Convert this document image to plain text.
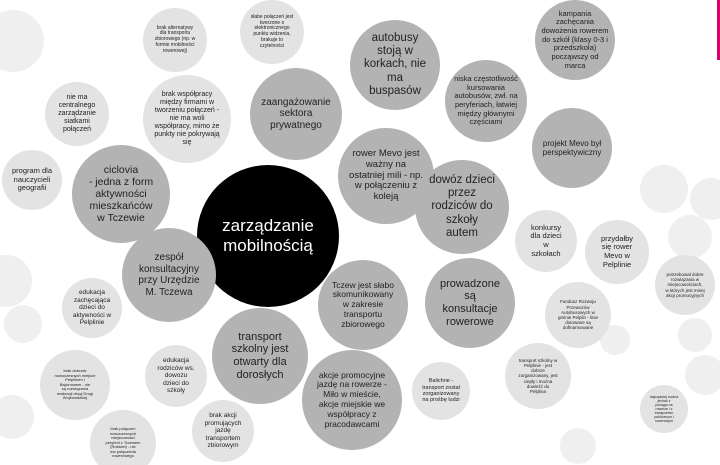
zarządzanie
mobilnością
autobusy
stoją w
korkach, nie
ma
buspasów
zaangażowanie
sektora
prywatnego
rower Mevo jest
ważny na
ostatniej mili - np.
w połączeniu z
koleją
dowóz dzieci
przez
rodziców do
szkoły
autem
ciclovia
- jedna z form
aktywności
mieszkańców
w Tczewie
zespół
konsultacyjny
przy Urzędzie
M. Tczewa
Tczew jest słabo
skomunikowany
w zakresie
transportu
zbiorowego
prowadzone
są
konsultacje
rowerowe
transport
szkolny jest
otwarty dla
dorosłych	akcje promocyjne
jazdę na rowerze -
Miło w mieście,
akcje miejskie we
współpracy z
pracodawcami
kampania zachęcania
dowożenia rowerem
do szkół (klasy 0-3 i
przedszkola)
począwszy od marca
niska częstotliwość
kursowania
autobusów, zwł. na
peryferiach, łatwiej
między głównymi
częściami
projekt Mevo był
perspektywiczny
brak współpracy
między firmami w
tworzeniu połączeń -
nie ma woli
współpracy, mimo że
punkty nie pokrywają
się
nie ma
centralnego
zarządzanie
siatkami
połączeń
program dla
nauczycieli
geografii
edukacja
zachęcająca
dzieci do
aktywności w
Pelplinie
edukacja
rodziców ws.
dowozu
dzieci do
szkoły
brak akcji
promujących
jazdę
transportem
zbiorowym
brak alternatywy
dla transportu
zbiorowego (np. w
formie mobilności
rowerowej)
słabe połączeń jest
tworzone o
elektronicznego
punktu widzenia,
brakuje to
czytelności
konkursy
dla dzieci
w
szkołach
przydałby
się rower
Mevo w
Pelplinie
Fundusz Rozwoju
Przewozów
Autobusowych w
gminie Pelplin - linie
dotowane są
dofinansowane
transport szkolny w
Pelplinie - jest
dobrze
zorganizowany, jest
ciepły i można
dowieźć do
Pelplina
Balichne -
transport został
zorganizowany
na prośbę ludzi
potrzebował dobre
rozwiązania w
miejscowościach,
w których jest mniej
akcji promocyjnych
brak dobrzek
nowoczesnych miejsce
Pelplinem i
Bajcinowem - nie
są rozwiązania
realizacji drogi Drogi
Wojewódzkiej
brak połączeń
nowoczesnych
miejscowości
peryferii z Tczewem
(Rokiciel) - nie
ma połączenia
rowerowego
najczęściej można jechać z
pociągu na
rowerze i z
transportem
publicznym i
rowerowym
